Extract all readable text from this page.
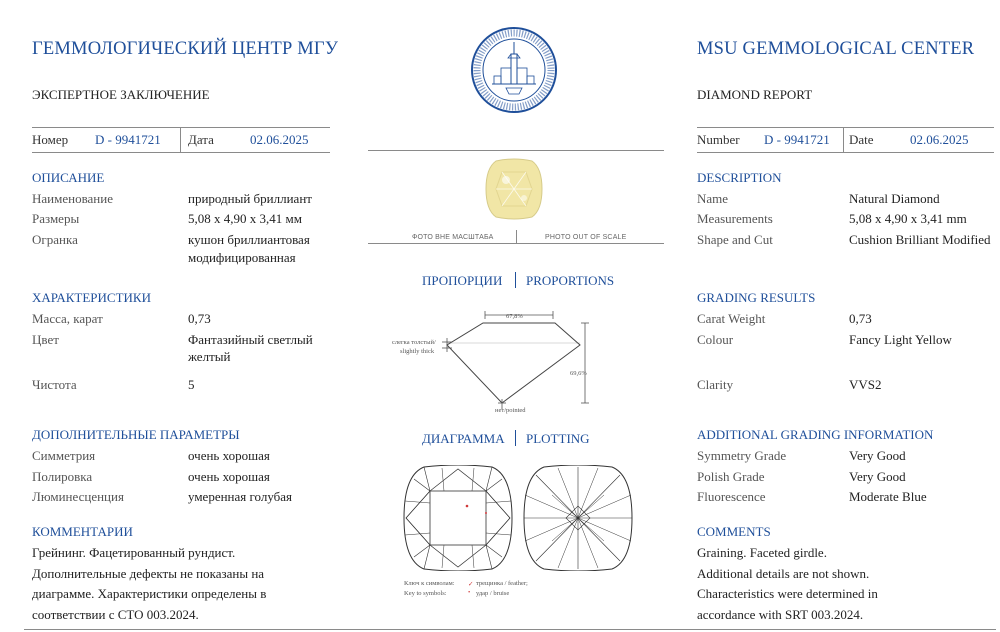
ГЕММОЛОГИЧЕСКИЙ ЦЕНТР МГУ
ЭКСПЕРТНОЕ ЗАКЛЮЧЕНИЕ
Номер D - 9941721 Дата	02.06.2025
ОПИСАНИЕ
Наименование	природный бриллиант
Размеры	5,08 x 4,90 x 3,41 мм
Огранка	кушон бриллиантовая
модифицированная
ХАРАКТЕРИСТИКИ
Масса, карат	0,73
Цвет	Фантазийный светлый
желтый
Чистота	5
ДОПОЛНИТЕЛЬНЫЕ ПАРАМЕТРЫ
Симметрия	очень хорошая
Полировка	очень хорошая
Люминесценция	умеренная голубая
КОММЕНТАРИИ
Грейнинг. Фацетированный рундист.
Дополнительные дефекты не показаны на
диаграмме. Характеристики определены в
соответствии с СТО 003.2024.
ФОТО ВНЕ МАСШТАБА	PHOTO OUT OF SCALE
ПРОПОРЦИИ PROPORTIONS
67,8%
69,6%
слегка толстый/
slightly thick
нет/pointed
ДИАГРАММА PLOTTING
Ключ к символам:
Key to symbols:
✓ трещинка / feather;
• удар / bruise
MSU GEMMOLOGICAL CENTER
DIAMOND REPORT
Number D - 9941721 Date	02.06.2025
DESCRIPTION
Name	Natural Diamond
Measurements	5,08 x 4,90 x 3,41 mm
Shape and Cut	Cushion Brilliant Modified
GRADING RESULTS
Carat Weight	0,73
Colour	Fancy Light Yellow
Clarity	VVS2
ADDITIONAL GRADING INFORMATION
Symmetry Grade	Very Good
Polish Grade	Very Good
Fluorescence	Moderate Blue
COMMENTS
Graining. Faceted girdle.
Additional details are not shown.
Characteristics were determined in
accordance with SRT 003.2024.
